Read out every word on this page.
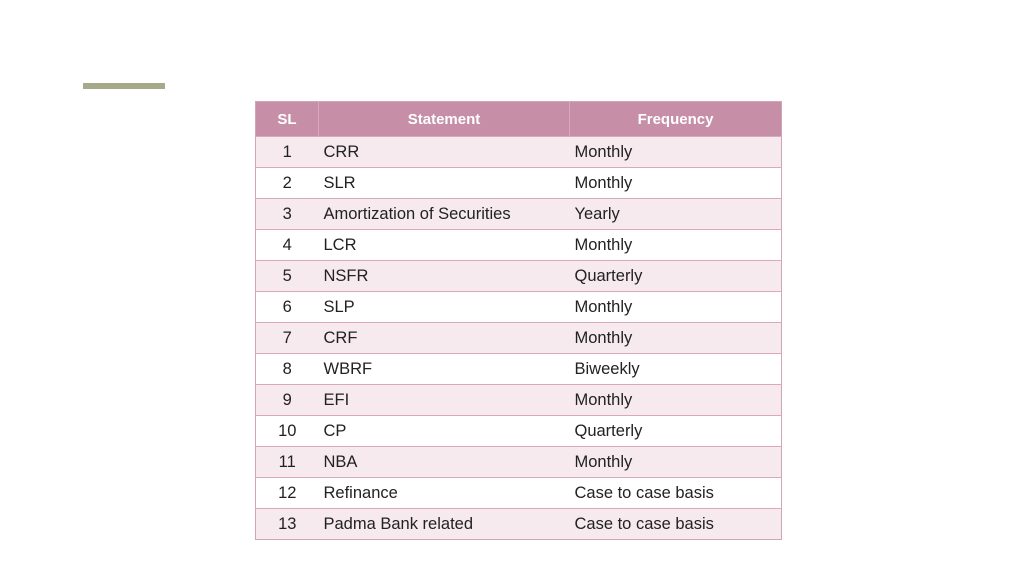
SL	Statement	Frequency
1	CRR	Monthly
2	SLR	Monthly
3	Amortization of Securities	Yearly
4	LCR	Monthly
5	NSFR	Quarterly
6	SLP	Monthly
7	CRF	Monthly
8	WBRF	Biweekly
9	EFI	Monthly
10	CP	Quarterly
11	NBA	Monthly
12	Refinance	Case to case basis
13	Padma Bank related	Case to case basis
